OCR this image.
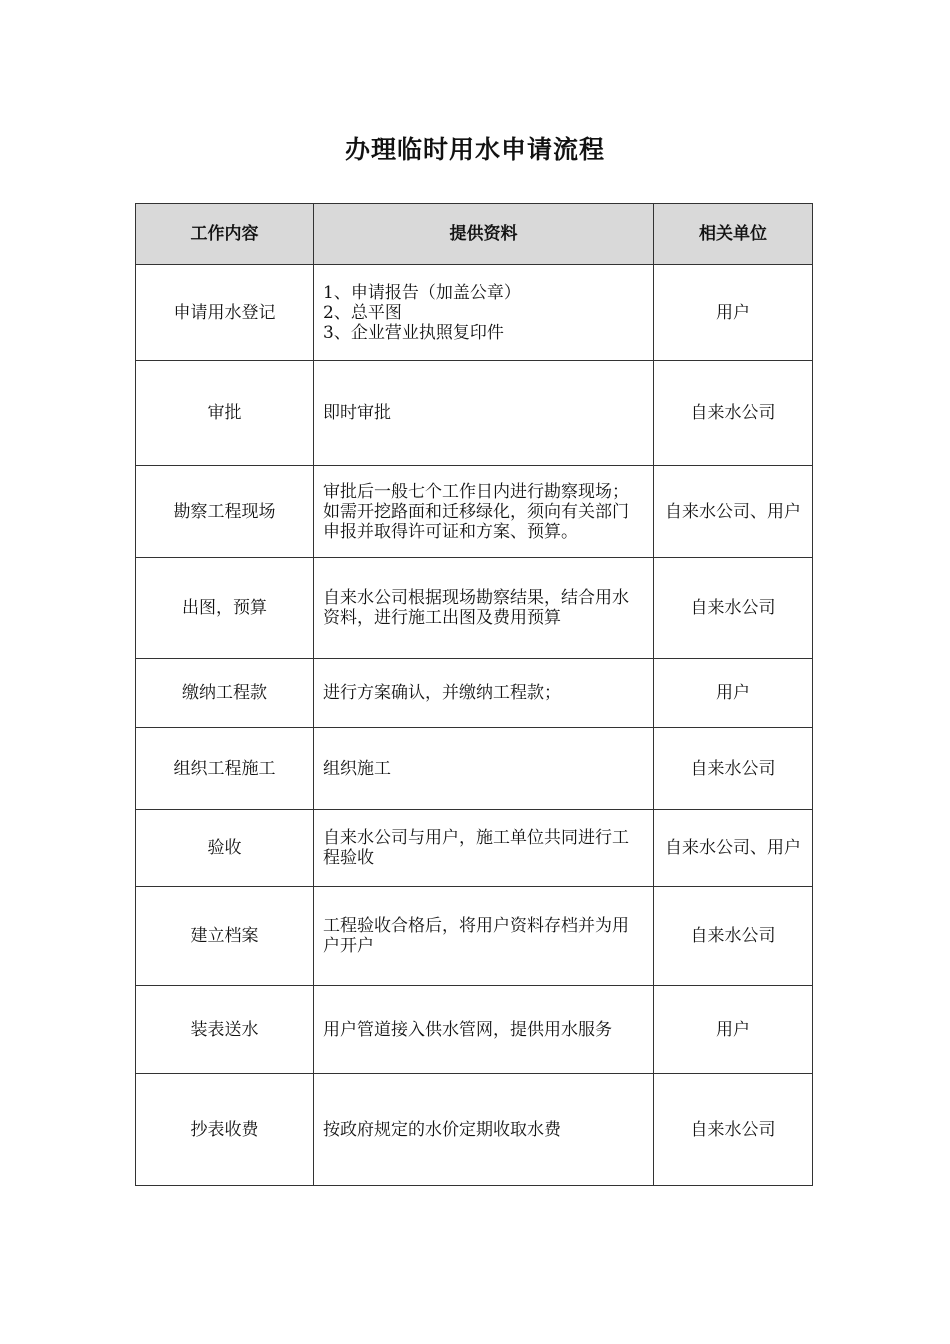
办理临时用水申请流程
工作内容	提供资料	相关单位
申请用水登记	1、申请报告（加盖公章）
2、总平图
3、企业营业执照复印件	用户
审批	即时审批	自来水公司
勘察工程现场	审批后一般七个工作日内进行勘察现场；如需开挖路面和迁移绿化，须向有关部门申报并取得许可证和方案、预算。	自来水公司、用户
出图，预算	自来水公司根据现场勘察结果，结合用水资料，进行施工出图及费用预算	自来水公司
缴纳工程款	进行方案确认，并缴纳工程款；	用户
组织工程施工	组织施工	自来水公司
验收	自来水公司与用户，施工单位共同进行工程验收	自来水公司、用户
建立档案	工程验收合格后，将用户资料存档并为用户开户	自来水公司
装表送水	用户管道接入供水管网，提供用水服务	用户
抄表收费	按政府规定的水价定期收取水费	自来水公司
